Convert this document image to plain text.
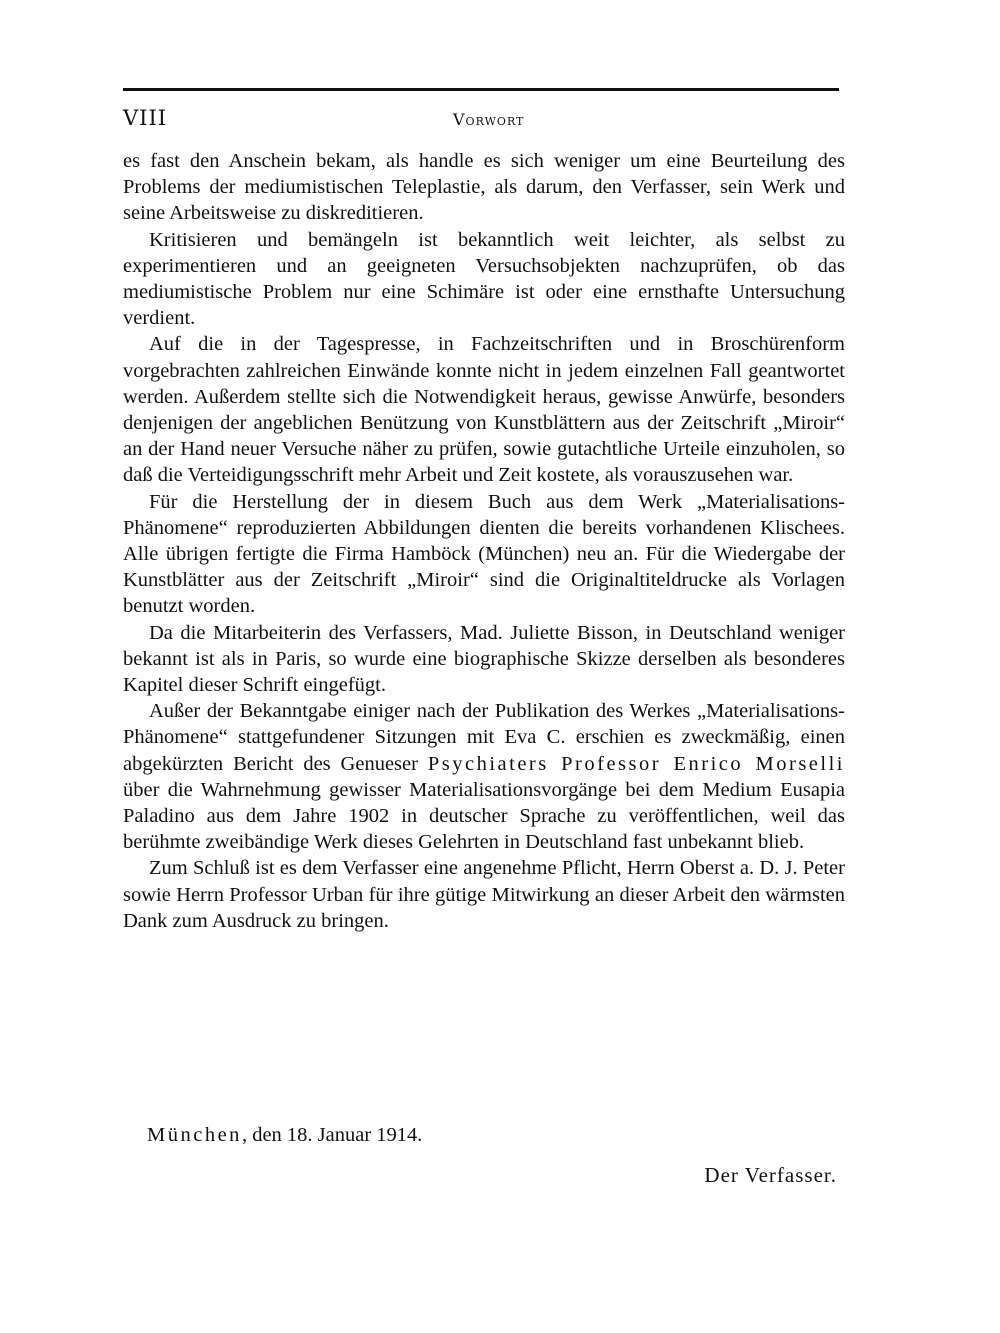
VIII	Vorwort

es fast den Anschein bekam, als handle es sich weniger um eine Beurteilung des Problems der mediumistischen Teleplastie, als darum, den Verfasser, sein Werk und seine Arbeitsweise zu diskreditieren.

Kritisieren und bemängeln ist bekanntlich weit leichter, als selbst zu experimentieren und an geeigneten Versuchsobjekten nachzuprüfen, ob das mediumistische Problem nur eine Schimäre ist oder eine ernsthafte Untersuchung verdient.

Auf die in der Tagespresse, in Fachzeitschriften und in Broschürenform vorgebrachten zahlreichen Einwände konnte nicht in jedem einzelnen Fall geantwortet werden. Außerdem stellte sich die Notwendigkeit heraus, gewisse Anwürfe, besonders denjenigen der angeblichen Benützung von Kunstblättern aus der Zeitschrift „Miroir“ an der Hand neuer Versuche näher zu prüfen, sowie gutachtliche Urteile einzuholen, so daß die Verteidigungsschrift mehr Arbeit und Zeit kostete, als vorauszusehen war.

Für die Herstellung der in diesem Buch aus dem Werk „Materialisations-Phänomene“ reproduzierten Abbildungen dienten die bereits vorhandenen Klischees. Alle übrigen fertigte die Firma Hamböck (München) neu an. Für die Wiedergabe der Kunstblätter aus der Zeitschrift „Miroir“ sind die Originaltiteldrucke als Vorlagen benutzt worden.

Da die Mitarbeiterin des Verfassers, Mad. Juliette Bisson, in Deutschland weniger bekannt ist als in Paris, so wurde eine biographische Skizze derselben als besonderes Kapitel dieser Schrift eingefügt.

Außer der Bekanntgabe einiger nach der Publikation des Werkes „Materialisations-Phänomene“ stattgefundener Sitzungen mit Eva C. erschien es zweckmäßig, einen abgekürzten Bericht des Genueser Psychiaters Professor Enrico Morselli über die Wahrnehmung gewisser Materialisationsvorgänge bei dem Medium Eusapia Paladino aus dem Jahre 1902 in deutscher Sprache zu veröffentlichen, weil das berühmte zweibändige Werk dieses Gelehrten in Deutschland fast unbekannt blieb.

Zum Schluß ist es dem Verfasser eine angenehme Pflicht, Herrn Oberst a. D. J. Peter sowie Herrn Professor Urban für ihre gütige Mitwirkung an dieser Arbeit den wärmsten Dank zum Ausdruck zu bringen.

München, den 18. Januar 1914.
Der Verfasser.
